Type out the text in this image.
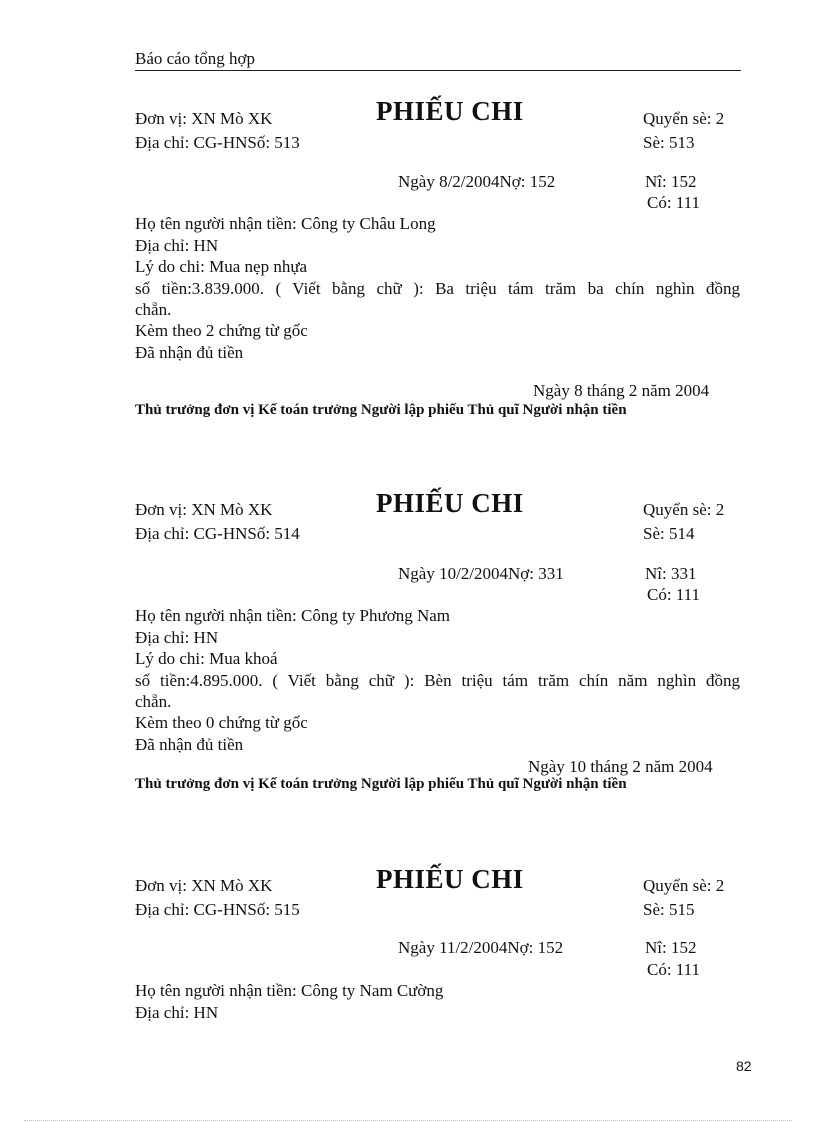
Báo cáo tổng hợp
Đơn vị: XN Mò XK	PHIẾU CHI	Quyển sè: 2
Địa chỉ: CG-HNSố: 513	Sè: 513
Ngày 8/2/2004Nợ: 152	Nî: 152
Có: 111
Họ tên người nhận tiền: Công ty Châu Long
Địa chỉ: HN
Lý do chi: Mua nẹp nhựa
số tiền:3.839.000. ( Viết bằng chữ ): Ba triệu tám trăm ba chín nghìn đồng
chẵn.
Kèm theo 2 chứng từ gốc
Đã nhận đủ tiền
Ngày 8 tháng 2 năm 2004
Thủ trưởng đơn vị Kế toán trưởng Người lập phiếu Thủ quĩ Người nhận tiền
Đơn vị: XN Mò XK	PHIẾU CHI	Quyển sè: 2
Địa chỉ: CG-HNSố: 514	Sè: 514
Ngày 10/2/2004Nợ: 331	Nî: 331
Có: 111
Họ tên người nhận tiền: Công ty Phương Nam
Địa chỉ: HN
Lý do chi: Mua khoá
số tiền:4.895.000. ( Viết bằng chữ ): Bèn triệu tám trăm chín năm nghìn đồng
chẵn.
Kèm theo 0 chứng từ gốc
Đã nhận đủ tiền
Ngày 10 tháng 2 năm 2004
Thủ trưởng đơn vị Kế toán trưởng Người lập phiếu Thủ quĩ Người nhận tiền
Đơn vị: XN Mò XK	PHIẾU CHI	Quyển sè: 2
Địa chỉ: CG-HNSố: 515	Sè: 515
Ngày 11/2/2004Nợ: 152	Nî: 152
Có: 111
Họ tên người nhận tiền: Công ty Nam Cường
Địa chỉ: HN
82
